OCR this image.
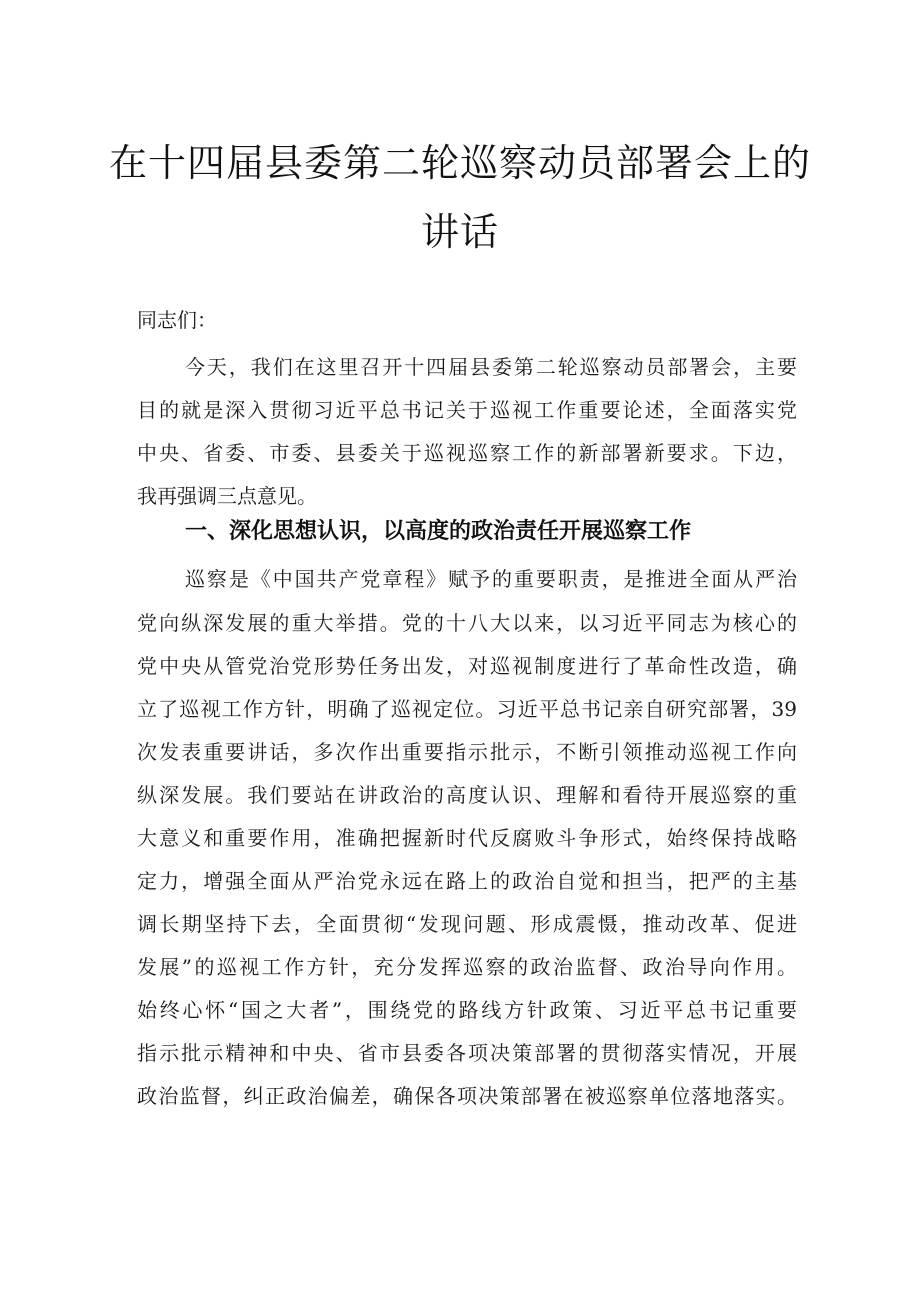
在十四届县委第二轮巡察动员部署会上的
讲话

同志们：

今天，我们在这里召开十四届县委第二轮巡察动员部署会，主要

目的就是深入贯彻习近平总书记关于巡视工作重要论述，全面落实党

中央、省委、市委、县委关于巡视巡察工作的新部署新要求。下边，

我再强调三点意见。

一、深化思想认识，以高度的政治责任开展巡察工作

巡察是《中国共产党章程》赋予的重要职责，是推进全面从严治

党向纵深发展的重大举措。党的十八大以来，以习近平同志为核心的

党中央从管党治党形势任务出发，对巡视制度进行了革命性改造，确

立了巡视工作方针，明确了巡视定位。习近平总书记亲自研究部署，39

次发表重要讲话，多次作出重要指示批示，不断引领推动巡视工作向

纵深发展。我们要站在讲政治的高度认识、理解和看待开展巡察的重

大意义和重要作用，准确把握新时代反腐败斗争形式，始终保持战略

定力，增强全面从严治党永远在路上的政治自觉和担当，把严的主基

调长期坚持下去，全面贯彻“发现问题、形成震慑，推动改革、促进

发展”的巡视工作方针，充分发挥巡察的政治监督、政治导向作用。

始终心怀“国之大者”，围绕党的路线方针政策、习近平总书记重要

指示批示精神和中央、省市县委各项决策部署的贯彻落实情况，开展

政治监督，纠正政治偏差，确保各项决策部署在被巡察单位落地落实。
